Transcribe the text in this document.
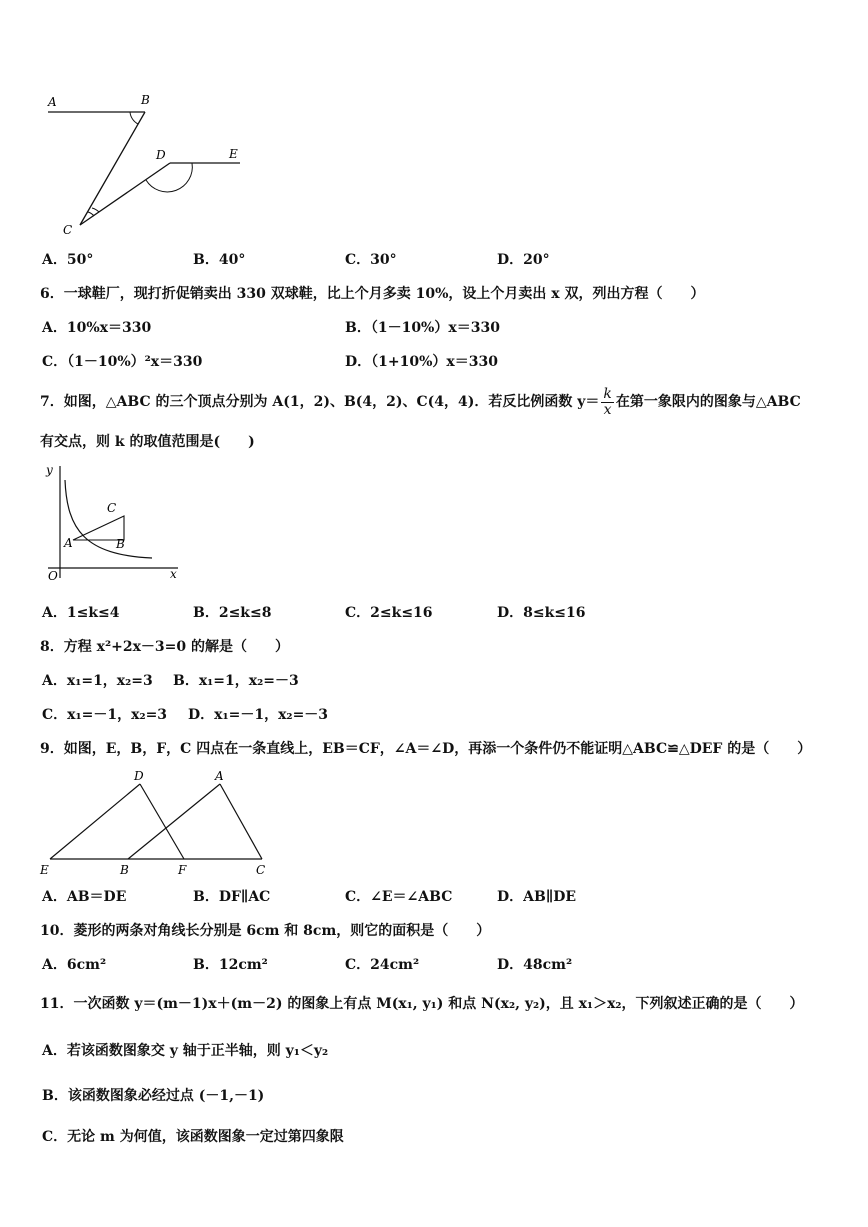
A	B
D	E
C
A．50°	B．40°	C．30°	D．20°
6．一球鞋厂，现打折促销卖出 330 双球鞋，比上个月多卖 10%，设上个月卖出 x 双，列出方程（　　）
A．10%x＝330	B．（1－10%）x＝330
C．（1－10%）²x＝330	D．（1+10%）x＝330
7．如图，△ABC 的三个顶点分别为 A(1，2)、B(4，2)、C(4，4)．若反比例函数 $y= \frac{k}{x}$ 在第一象限内的图象与△ABC
有交点，则 k 的取值范围是(　　)
y
x
O
A	B
C
A．1≤k≤4	B．2≤k≤8	C．2≤k≤16	D．8≤k≤16
8．方程 x²+2x－3=0 的解是（　　）
A．x₁=1，x₂=3 B．x₁=1，x₂=－3
C．x₁=－1，x₂=3 D．x₁=－1，x₂=－3
9．如图，E，B，F，C 四点在一条直线上，EB＝CF，∠A＝∠D，再添一个条件仍不能证明△ABC≌△DEF 的是（　　）
D	A
E	B	F	C
A．AB＝DE	B．DF∥AC	C．∠E＝∠ABC	D．AB∥DE
10．菱形的两条对角线长分别是 6cm 和 8cm，则它的面积是（　　）
A．6cm²	B．12cm²	C．24cm²	D．48cm²
11．一次函数 y＝(m－1)x＋(m－2) 的图象上有点 M(x₁, y₁) 和点 N(x₂, y₂)，且 x₁＞x₂，下列叙述正确的是（　　）
A．若该函数图象交 y 轴于正半轴，则 y₁＜y₂
B．该函数图象必经过点 (－1,－1)
C．无论 m 为何值，该函数图象一定过第四象限
